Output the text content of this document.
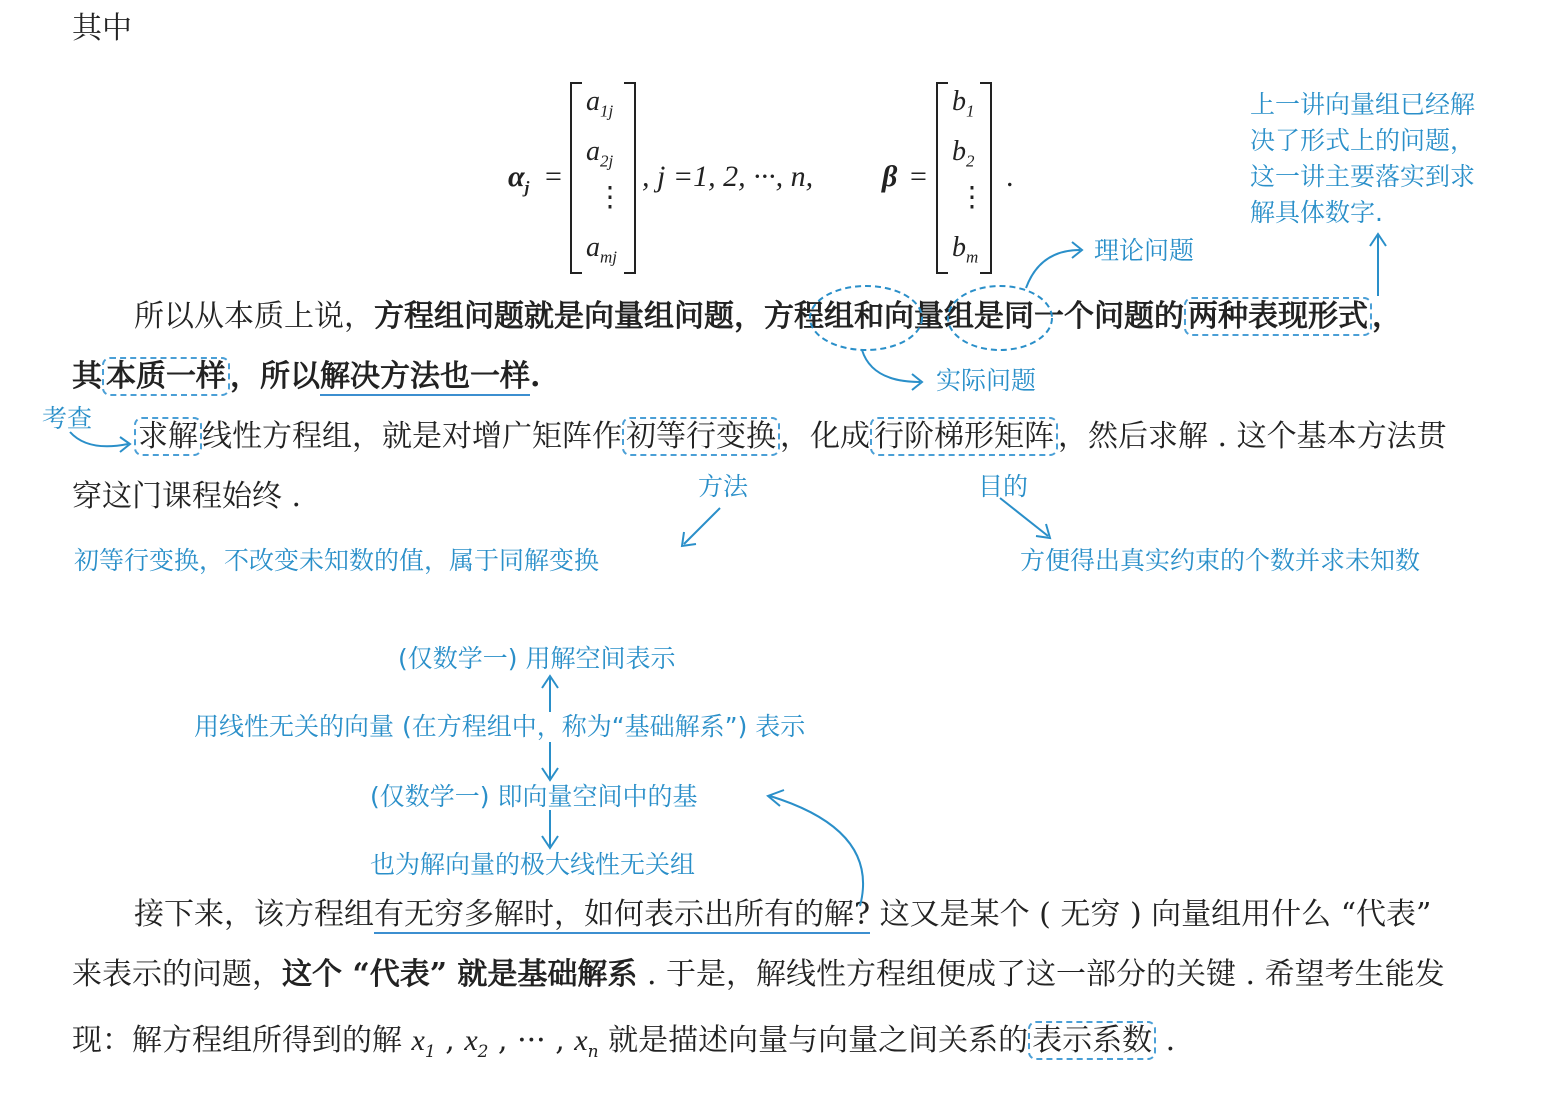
其中
$\alpha_j$ =
$a_{1j}$
$a_{2j}$
⋮
$a_{mj}$
, j =1, 2, ···, n, β =
$b_1$
$b_2$
⋮
$b_m$
.
所以从本质上说，方程组问题就是向量组问题，方程组和向量组是同一个问题的 两种表现形式 ，
其 本质一样 ，所以解决方法也一样.
求解 线性方程组，就是对增广矩阵作 初等行变换 ，化成 行阶梯形矩阵 ，然后求解 . 这个基本方法贯
穿这门课程始终 .
接下来，该方程组有无穷多解时，如何表示出所有的解? 这又是某个 ( 无穷 ) 向量组用什么 “代表”
来表示的问题，这个 “代表” 就是基础解系 . 于是，解线性方程组便成了这一部分的关键 . 希望考生能发
现：解方程组所得到的解 $x_1$ , $x_2$ , ··· , $x_n$ 就是描述向量与向量之间关系的 表示系数 .
上一讲向量组已经解
决了形式上的问题，
这一讲主要落实到求
解具体数字.
理论问题
实际问题
考查
方法	目的
初等行变换，不改变未知数的值，属于同解变换	方便得出真实约束的个数并求未知数
(仅数学一) 用解空间表示
用线性无关的向量 (在方程组中，称为“基础解系”) 表示
(仅数学一) 即向量空间中的基
也为解向量的极大线性无关组
